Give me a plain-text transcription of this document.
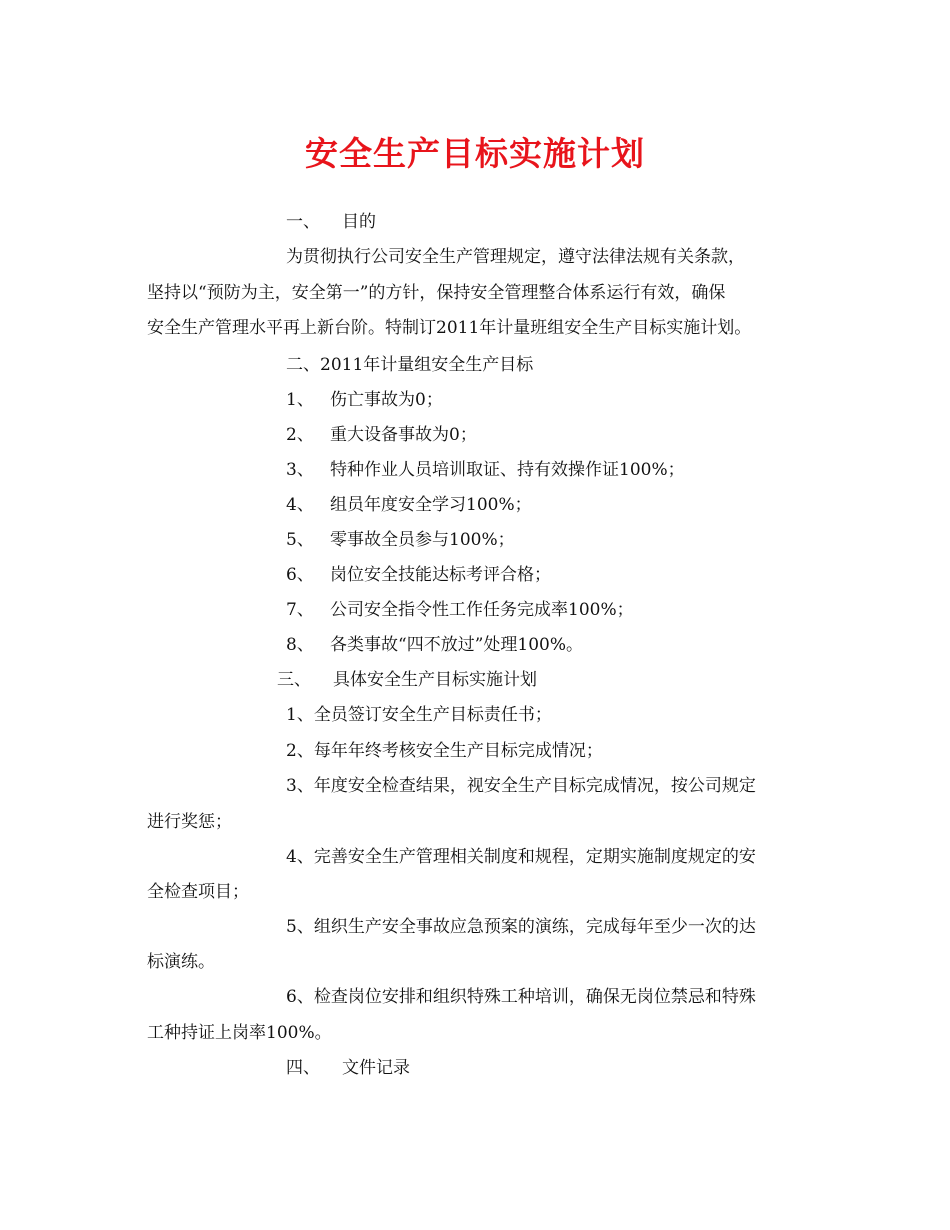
安全生产目标实施计划
一、 目的
为贯彻执行公司安全生产管理规定，遵守法律法规有关条款，
坚持以“预防为主，安全第一”的方针，保持安全管理整合体系运行有效，确保
安全生产管理水平再上新台阶。特制订2011年计量班组安全生产目标实施计划。
二、2011年计量组安全生产目标
1、 伤亡事故为0；
2、 重大设备事故为0；
3、 特种作业人员培训取证、持有效操作证100%；
4、 组员年度安全学习100%；
5、 零事故全员参与100%；
6、 岗位安全技能达标考评合格；
7、 公司安全指令性工作任务完成率100%；
8、 各类事故“四不放过”处理100%。
三、 具体安全生产目标实施计划
1、全员签订安全生产目标责任书；
2、每年年终考核安全生产目标完成情况；
3、年度安全检查结果，视安全生产目标完成情况，按公司规定
进行奖惩；
4、完善安全生产管理相关制度和规程，定期实施制度规定的安
全检查项目；
5、组织生产安全事故应急预案的演练，完成每年至少一次的达
标演练。
6、检查岗位安排和组织特殊工种培训，确保无岗位禁忌和特殊
工种持证上岗率100%。
四、 文件记录
